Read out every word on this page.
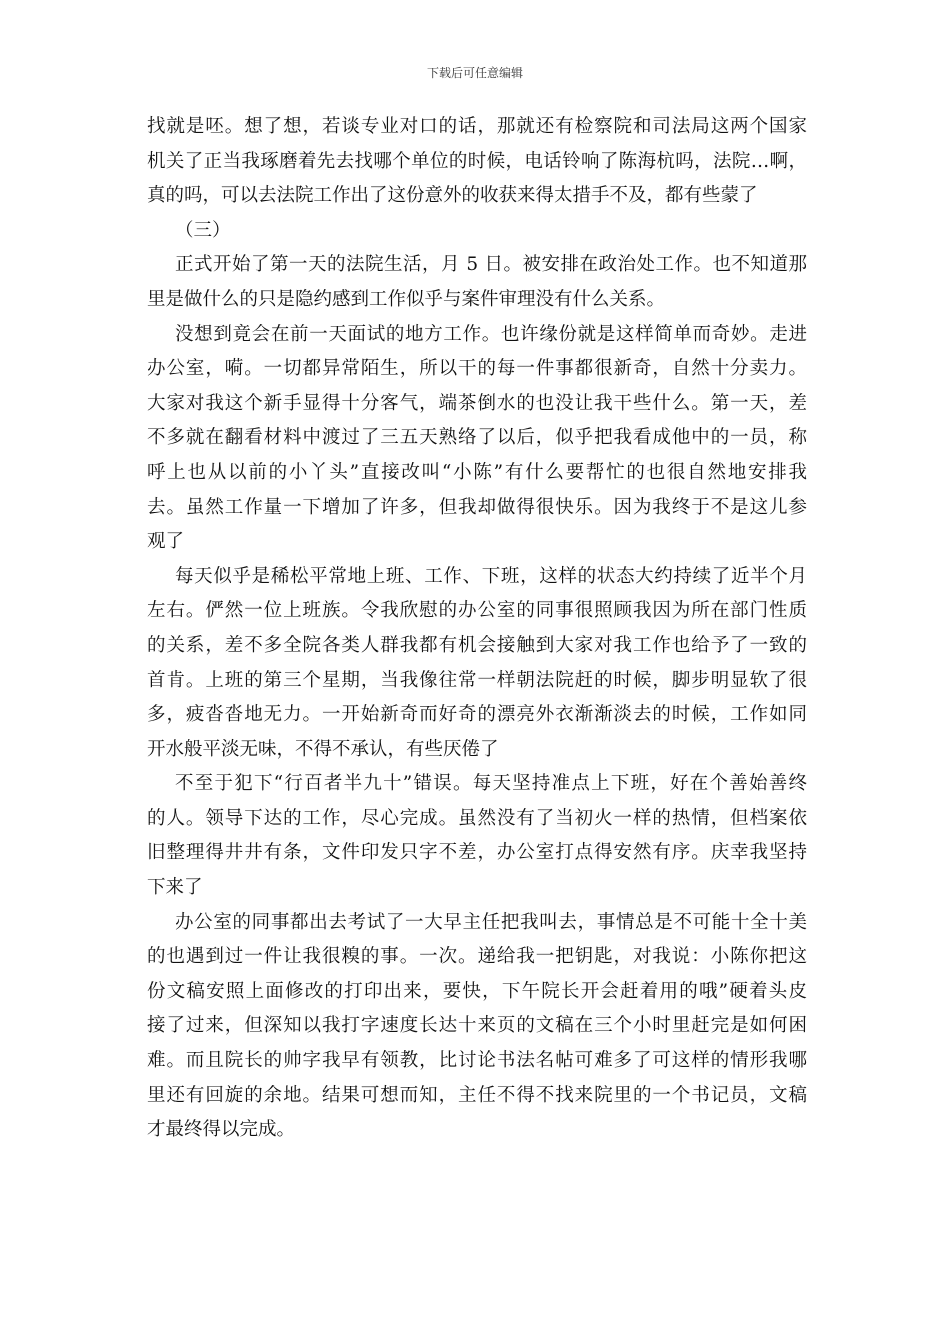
下载后可任意编辑
找就是呸。想了想，若谈专业对口的话，那就还有检察院和司法局这两个国家
机关了正当我琢磨着先去找哪个单位的时候，电话铃响了陈海杭吗，法院…啊，
真的吗，可以去法院工作出了这份意外的收获来得太措手不及，都有些蒙了
（三）
正式开始了第一天的法院生活，月 5 日。被安排在政治处工作。也不知道那
里是做什么的只是隐约感到工作似乎与案件审理没有什么关系。
没想到竟会在前一天面试的地方工作。也许缘份就是这样简单而奇妙。走进
办公室，嗬。一切都异常陌生，所以干的每一件事都很新奇，自然十分卖力。
大家对我这个新手显得十分客气，端茶倒水的也没让我干些什么。第一天，差
不多就在翻看材料中渡过了三五天熟络了以后，似乎把我看成他中的一员，称
呼上也从以前的小丫头”直接改叫“小陈”有什么要帮忙的也很自然地安排我
去。虽然工作量一下增加了许多，但我却做得很快乐。因为我终于不是这儿参
观了
每天似乎是稀松平常地上班、工作、下班，这样的状态大约持续了近半个月
左右。俨然一位上班族。令我欣慰的办公室的同事很照顾我因为所在部门性质
的关系，差不多全院各类人群我都有机会接触到大家对我工作也给予了一致的
首肯。上班的第三个星期，当我像往常一样朝法院赶的时候，脚步明显软了很
多，疲沓沓地无力。一开始新奇而好奇的漂亮外衣渐渐淡去的时候，工作如同
开水般平淡无味，不得不承认，有些厌倦了
不至于犯下“行百者半九十”错误。每天坚持准点上下班，好在个善始善终
的人。领导下达的工作，尽心完成。虽然没有了当初火一样的热情，但档案依
旧整理得井井有条，文件印发只字不差，办公室打点得安然有序。庆幸我坚持
下来了
办公室的同事都出去考试了一大早主任把我叫去，事情总是不可能十全十美
的也遇到过一件让我很糗的事。一次。递给我一把钥匙，对我说：小陈你把这
份文稿安照上面修改的打印出来，要快，下午院长开会赶着用的哦”硬着头皮
接了过来，但深知以我打字速度长达十来页的文稿在三个小时里赶完是如何困
难。而且院长的帅字我早有领教，比讨论书法名帖可难多了可这样的情形我哪
里还有回旋的余地。结果可想而知，主任不得不找来院里的一个书记员，文稿
才最终得以完成。
